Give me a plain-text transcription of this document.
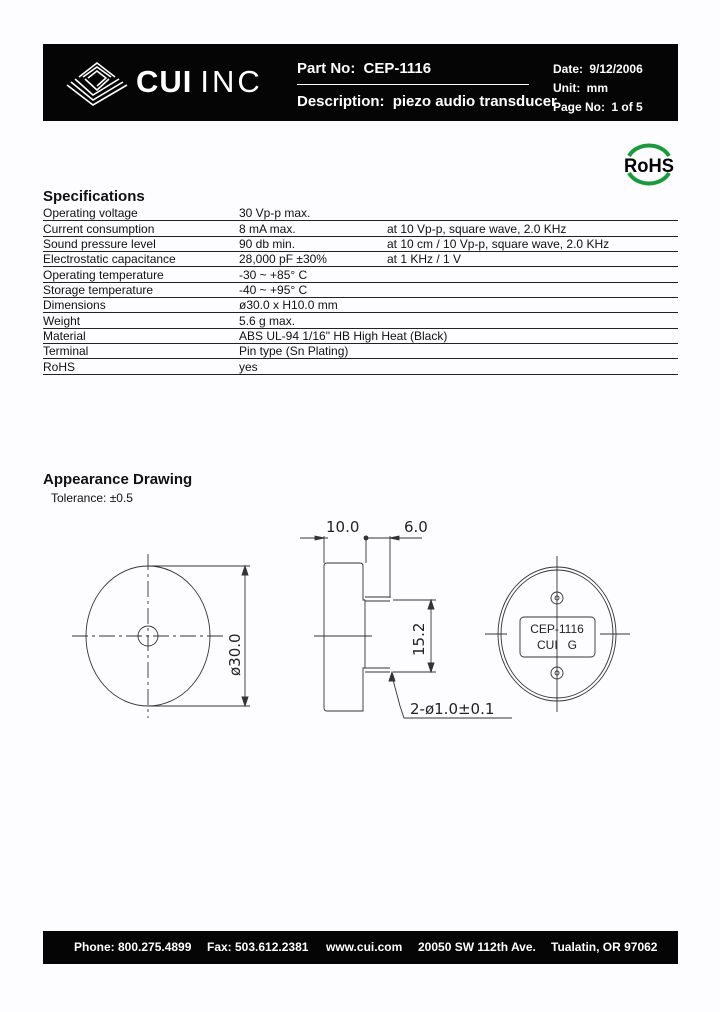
CUI INC Part No: CEP-1116
Description: piezo audio transducer
Date: 9/12/2006
Unit: mm
Page No: 1 of 5
RoHS
Specifications
Operating voltage	30 Vp-p max.
Current consumption	8 mA max.	at 10 Vp-p, square wave, 2.0 KHz
Sound pressure level	90 db min.	at 10 cm / 10 Vp-p, square wave, 2.0 KHz
Electrostatic capacitance	28,000 pF ±30%	at 1 KHz / 1 V
Operating temperature	-30 ~ +85° C
Storage temperature	-40 ~ +95° C
Dimensions	ø30.0 x H10.0 mm
Weight	5.6 g max.
Material	ABS UL-94 1/16" HB High Heat (Black)
Terminal	Pin type (Sn Plating)
RoHS	yes
Appearance Drawing
Tolerance: ±0.5
10.0	6.0
ø30.0	15.2
2-ø1.0±0.1
CEP-1116
CUI   G
Phone: 800.275.4899 Fax: 503.612.2381 www.cui.com 20050 SW 112th Ave. Tualatin, OR 97062
